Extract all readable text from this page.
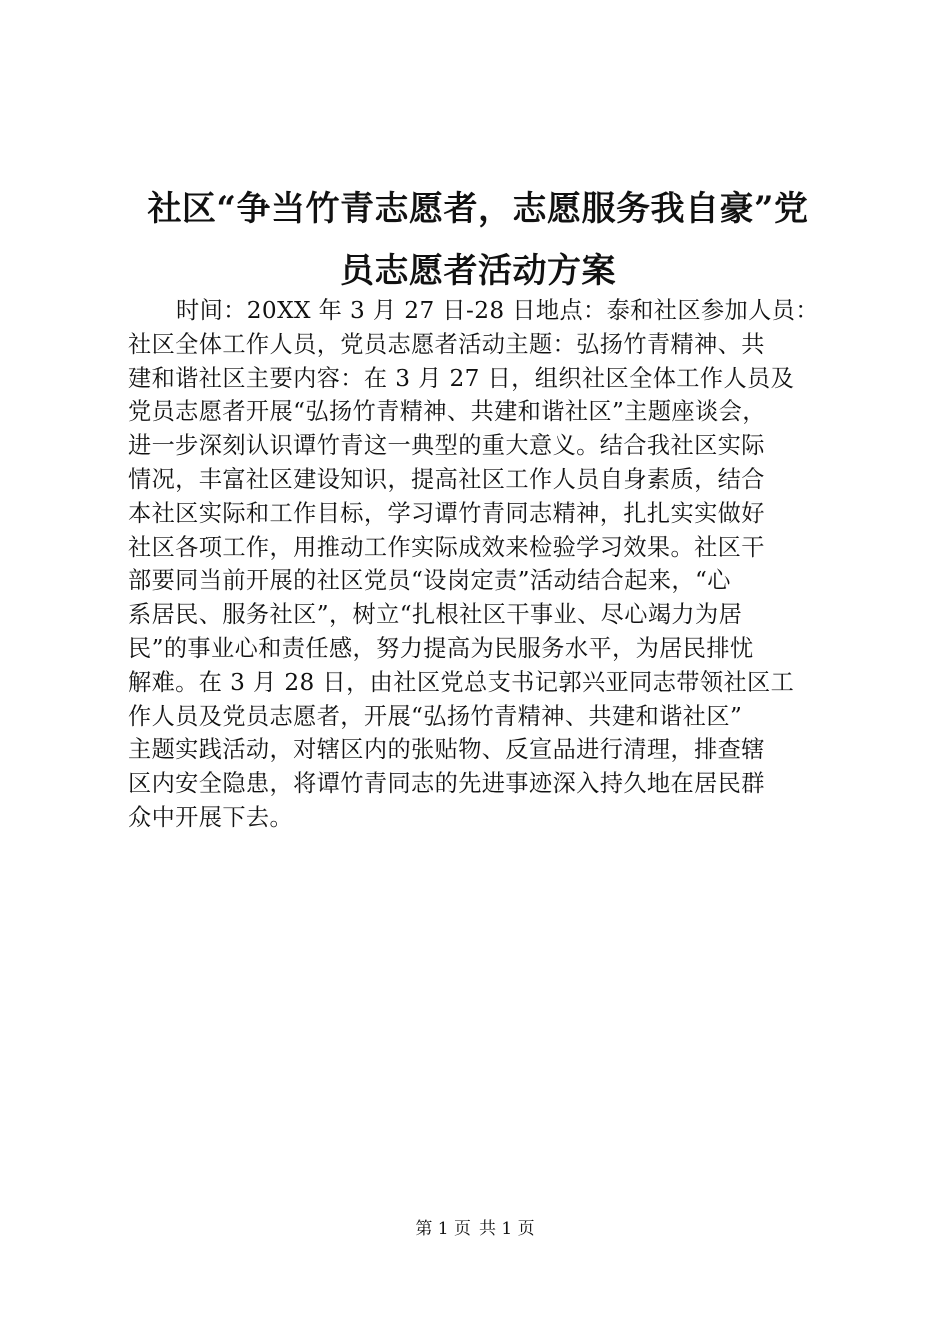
社区“争当竹青志愿者，志愿服务我自豪”党
员志愿者活动方案
时间：20XX 年 3 月 27 日-28 日地点：泰和社区参加人员：
社区全体工作人员，党员志愿者活动主题：弘扬竹青精神、共
建和谐社区主要内容：在 3 月 27 日，组织社区全体工作人员及
党员志愿者开展“弘扬竹青精神、共建和谐社区”主题座谈会，
进一步深刻认识谭竹青这一典型的重大意义。结合我社区实际
情况，丰富社区建设知识，提高社区工作人员自身素质，结合
本社区实际和工作目标，学习谭竹青同志精神，扎扎实实做好
社区各项工作，用推动工作实际成效来检验学习效果。社区干
部要同当前开展的社区党员“设岗定责”活动结合起来，“心
系居民、服务社区”，树立“扎根社区干事业、尽心竭力为居
民”的事业心和责任感，努力提高为民服务水平，为居民排忧
解难。在 3 月 28 日，由社区党总支书记郭兴亚同志带领社区工
作人员及党员志愿者，开展“弘扬竹青精神、共建和谐社区”
主题实践活动，对辖区内的张贴物、反宣品进行清理，排查辖
区内安全隐患，将谭竹青同志的先进事迹深入持久地在居民群
众中开展下去。
第 1 页 共 1 页
